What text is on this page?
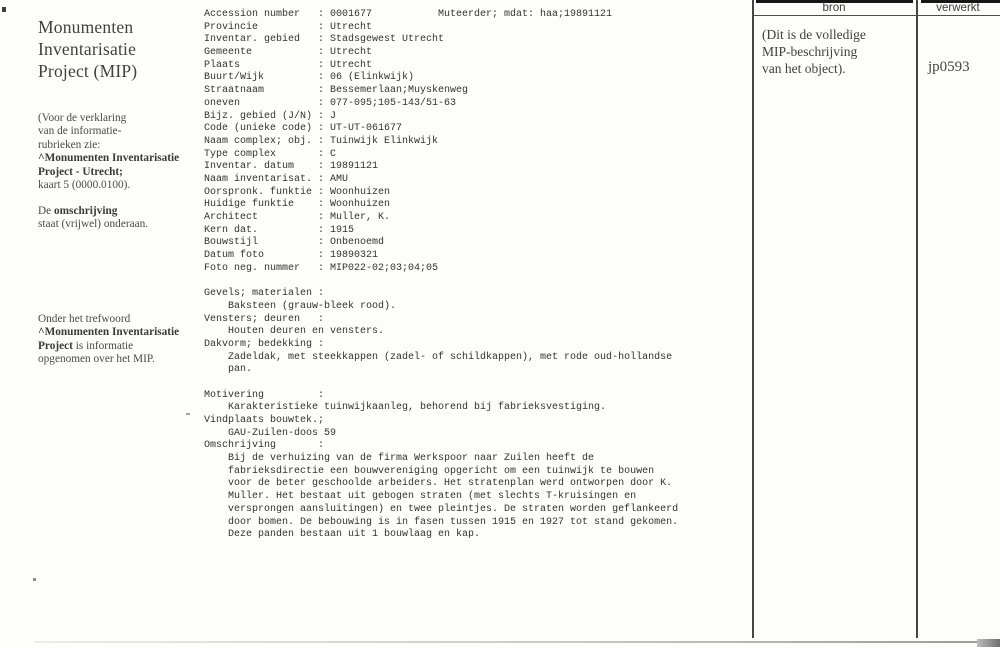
Monumenten
Inventarisatie
Project (MIP)
(Voor de verklaring
van de informatie-
rubrieken zie:
^Monumenten Inventarisatie
Project - Utrecht;
kaart 5 (0000.0100).
De omschrijving
staat (vrijwel) onderaan.
Onder het trefwoord
^Monumenten Inventarisatie
Project is informatie
opgenomen over het MIP.
Accession number : 0001677	Muteerder; mdat : haa;19891121
Provincie	: Utrecht
Inventar. gebied : Stadsgewest Utrecht
Gemeente	: Utrecht
Plaats	: Utrecht
Buurt/Wijk	: 06 (Elinkwijk)
Straatnaam	: Bessemerlaan;Muyskenweg
oneven	: 077-095;105-143/51-63
Bijz. gebied (J/N) : J
Code (unieke code) : UT-UT-061677
Naam complex; obj. : Tuinwijk Elinkwijk
Type complex	: C
Inventar. datum : 19891121
Naam inventarisat. : AMU
Oorspronk. funktie : Woonhuizen
Huidige funktie : Woonhuizen
Architect	: Muller, K.
Kern dat.	: 1915
Bouwstijl	: Onbenoemd
Datum foto	: 19890321
Foto neg. nummer : MIP022-02;03;04;05
Gevels; materialen :
Baksteen (grauw-bleek rood).
Vensters; deuren :
Houten deuren en vensters.
Dakvorm; bedekking :
Zadeldak, met steekkappen (zadel- of schildkappen), met rode oud-hollandse
pan.
Motivering	:
Karakteristieke tuinwijkaanleg, behorend bij fabrieksvestiging.
Vindplaats bouwtek.;
GAU-Zuilen-doos 59
Omschrijving	:
Bij de verhuizing van de firma Werkspoor naar Zuilen heeft de
fabrieksdirectie een bouwvereniging opgericht om een tuinwijk te bouwen
voor de beter geschoolde arbeiders. Het stratenplan werd ontworpen door K.
Muller. Het bestaat uit gebogen straten (met slechts T-kruisingen en
versprongen aansluitingen) en twee pleintjes. De straten worden geflankeerd
door bomen. De bebouwing is in fasen tussen 1915 en 1927 tot stand gekomen.
Deze panden bestaan uit 1 bouwlaag en kap.
bron	verwerkt
(Dit is de volledige
MIP-beschrijving
van het object).	jp0593
